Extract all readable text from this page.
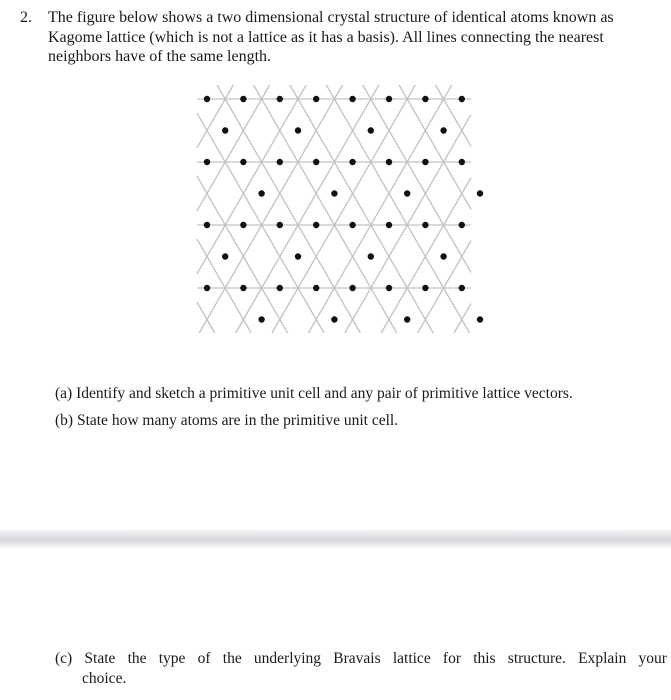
2. The figure below shows a two dimensional crystal structure of identical atoms known as
Kagome lattice (which is not a lattice as it has a basis). All lines connecting the nearest
neighbors have of the same length.
(a) Identify and sketch a primitive unit cell and any pair of primitive lattice vectors.
(b) State how many atoms are in the primitive unit cell.
(c) State the type of the underlying Bravais lattice for this structure. Explain your
choice.
